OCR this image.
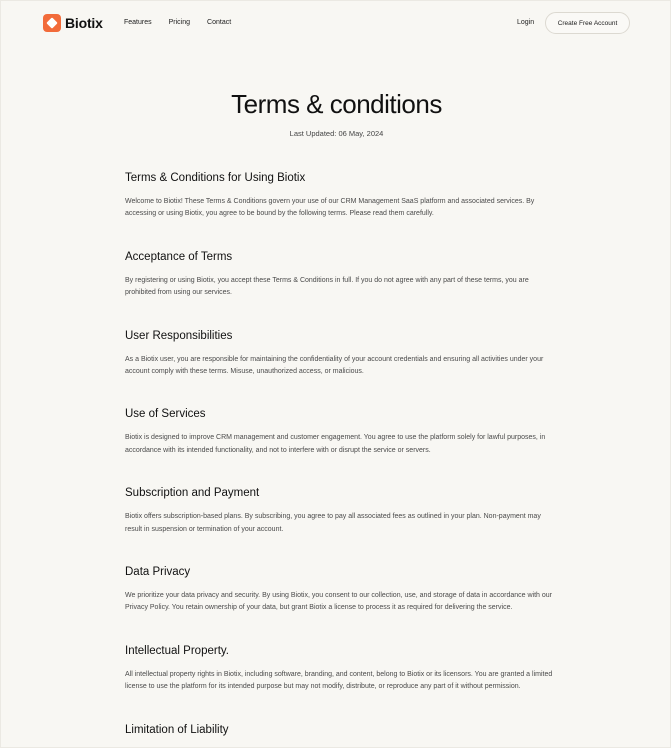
Biotix	Features Pricing Contact	Login	Create Free Account
Terms & conditions
Last Updated: 06 May, 2024
Terms & Conditions for Using Biotix

Welcome to Biotix! These Terms & Conditions govern your use of our CRM Management SaaS platform and associated services. By accessing or using Biotix, you agree to be bound by the following terms. Please read them carefully.

Acceptance of Terms

By registering or using Biotix, you accept these Terms & Conditions in full. If you do not agree with any part of these terms, you are prohibited from using our services.

User Responsibilities

As a Biotix user, you are responsible for maintaining the confidentiality of your account credentials and ensuring all activities under your account comply with these terms. Misuse, unauthorized access, or malicious.

Use of Services

Biotix is designed to improve CRM management and customer engagement. You agree to use the platform solely for lawful purposes, in accordance with its intended functionality, and not to interfere with or disrupt the service or servers.

Subscription and Payment

Biotix offers subscription-based plans. By subscribing, you agree to pay all associated fees as outlined in your plan. Non-payment may result in suspension or termination of your account.

Data Privacy

We prioritize your data privacy and security. By using Biotix, you consent to our collection, use, and storage of data in accordance with our Privacy Policy. You retain ownership of your data, but grant Biotix a license to process it as required for delivering the service.

Intellectual Property.

All intellectual property rights in Biotix, including software, branding, and content, belong to Biotix or its licensors. You are granted a limited license to use the platform for its intended purpose but may not modify, distribute, or reproduce any part of it without permission.

Limitation of Liability
